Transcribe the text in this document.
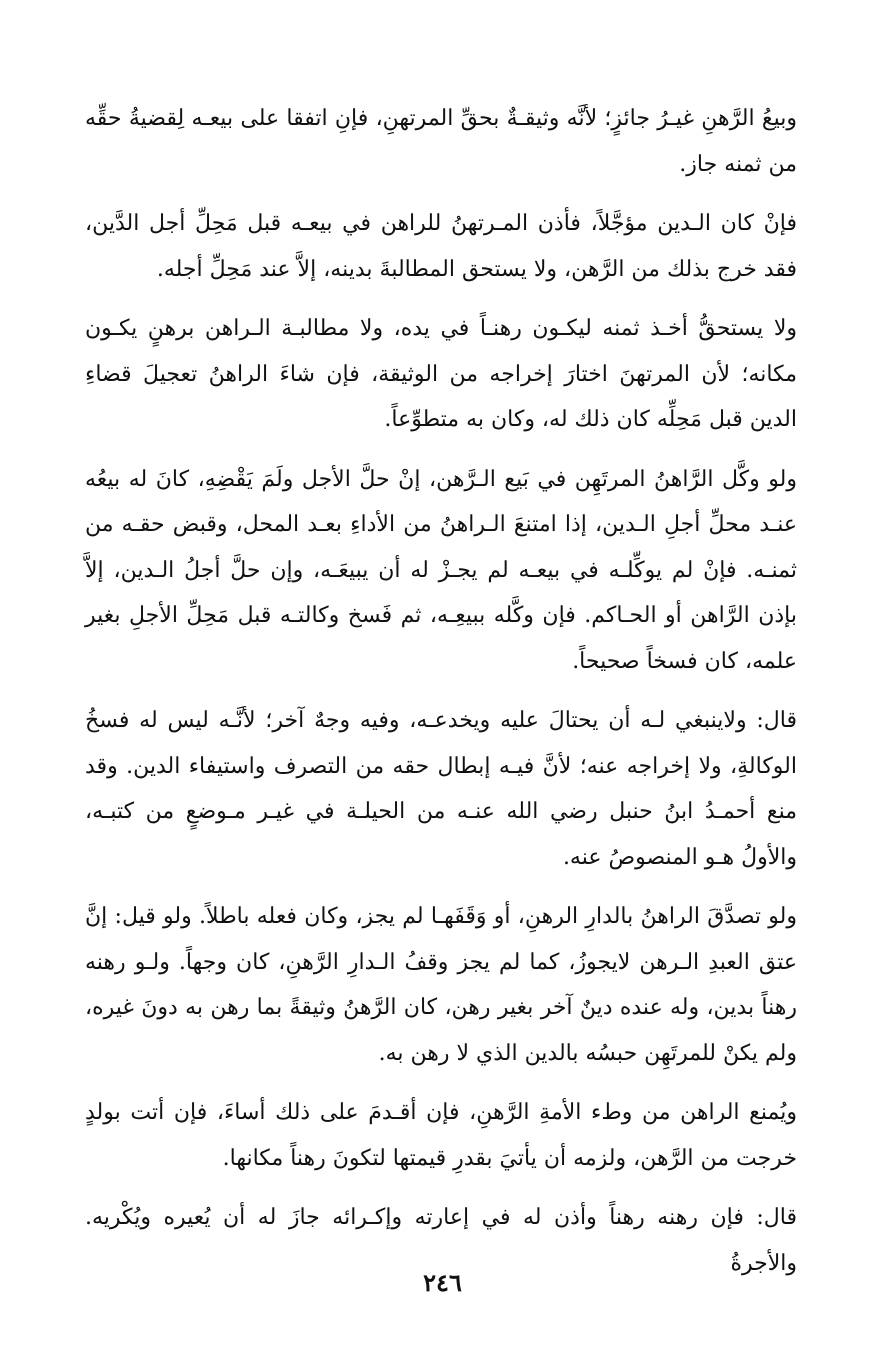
وبيعُ الرَّهنِ غيـرُ جائزٍ؛ لأنَّه وثيقـةٌ بحقِّ المرتهنِ، فإنِ اتفقا على بيعـه لِقضيةُ حقِّه من ثمنه جاز.

فإنْ كان الـدين مؤجَّلاً، فأذن المـرتهنُ للراهن في بيعـه قبل مَحِلِّ أجل الدَّين، فقد خرج بذلك من الرَّهن، ولا يستحق المطالبةَ بدينه، إلاَّ عند مَحِلِّ أجله.

ولا يستحقُّ أخـذ ثمنه ليكـون رهنـاً في يده، ولا مطالبـة الـراهن برهنٍ يكـون مكانه؛ لأن المرتهنَ اختارَ إخراجه من الوثيقة، فإن شاءَ الراهنُ تعجيلَ قضاءِ الدين قبل مَحِلِّه كان ذلك له، وكان به متطوِّعاً.

ولو وكَّل الرَّاهنُ المرتَهِن في بَيع الـرَّهن، إنْ حلَّ الأجل ولَمَ يَقْضِهِ، كانَ له بيعُه عنـد محلِّ أجلِ الـدين، إذا امتنعَ الـراهنُ من الأداءِ بعـد المحل، وقبض حقـه من ثمنـه. فإنْ لم يوكِّلـه في بيعـه لم يجـزْ له أن يبيعَـه، وإن حلَّ أجلُ الـدين، إلاَّ بإذن الرَّاهن أو الحـاكم. فإن وكَّله ببيعِـه، ثم فَسخ وكالتـه قبل مَحِلِّ الأجلِ بغير علمه، كان فسخاً صحيحاً.

قال: ولاينبغي لـه أن يحتالَ عليه ويخدعـه، وفيه وجهٌ آخر؛ لأنَّـه ليس له فسخُ الوكالةِ، ولا إخراجه عنه؛ لأنَّ فيـه إبطال حقه من التصرف واستيفاء الدين. وقد منع أحمـدُ ابنُ حنبل رضي الله عنـه من الحيلـة في غيـر مـوضعٍ من كتبـه، والأولُ هـو المنصوصُ عنه.

ولو تصدَّقَ الراهنُ بالدارِ الرهنِ، أو وَقَفَهـا لم يجز، وكان فعله باطلاً. ولو قيل: إنَّ عتق العبدِ الـرهن لايجوزُ، كما لم يجز وقفُ الـدارِ الرَّهنِ، كان وجهاً. ولـو رهنه رهناً بدين، وله عنده دينٌ آخر بغير رهن، كان الرَّهنُ وثيقةً بما رهن به دونَ غيره، ولم يكنْ للمرتَهِن حبسُه بالدين الذي لا رهن به.

ويُمنع الراهن من وطء الأمةِ الرَّهنِ، فإن أقـدمَ على ذلك أساءَ، فإن أتت بولدٍ خرجت من الرَّهن، ولزمه أن يأتيَ بقدرِ قيمتها لتكونَ رهناً مكانها.

قال: فإن رهنه رهناً وأذن له في إعارته وإكـرائه جازَ له أن يُعيره ويُكْريه. والأجرةُ

٢٤٦
